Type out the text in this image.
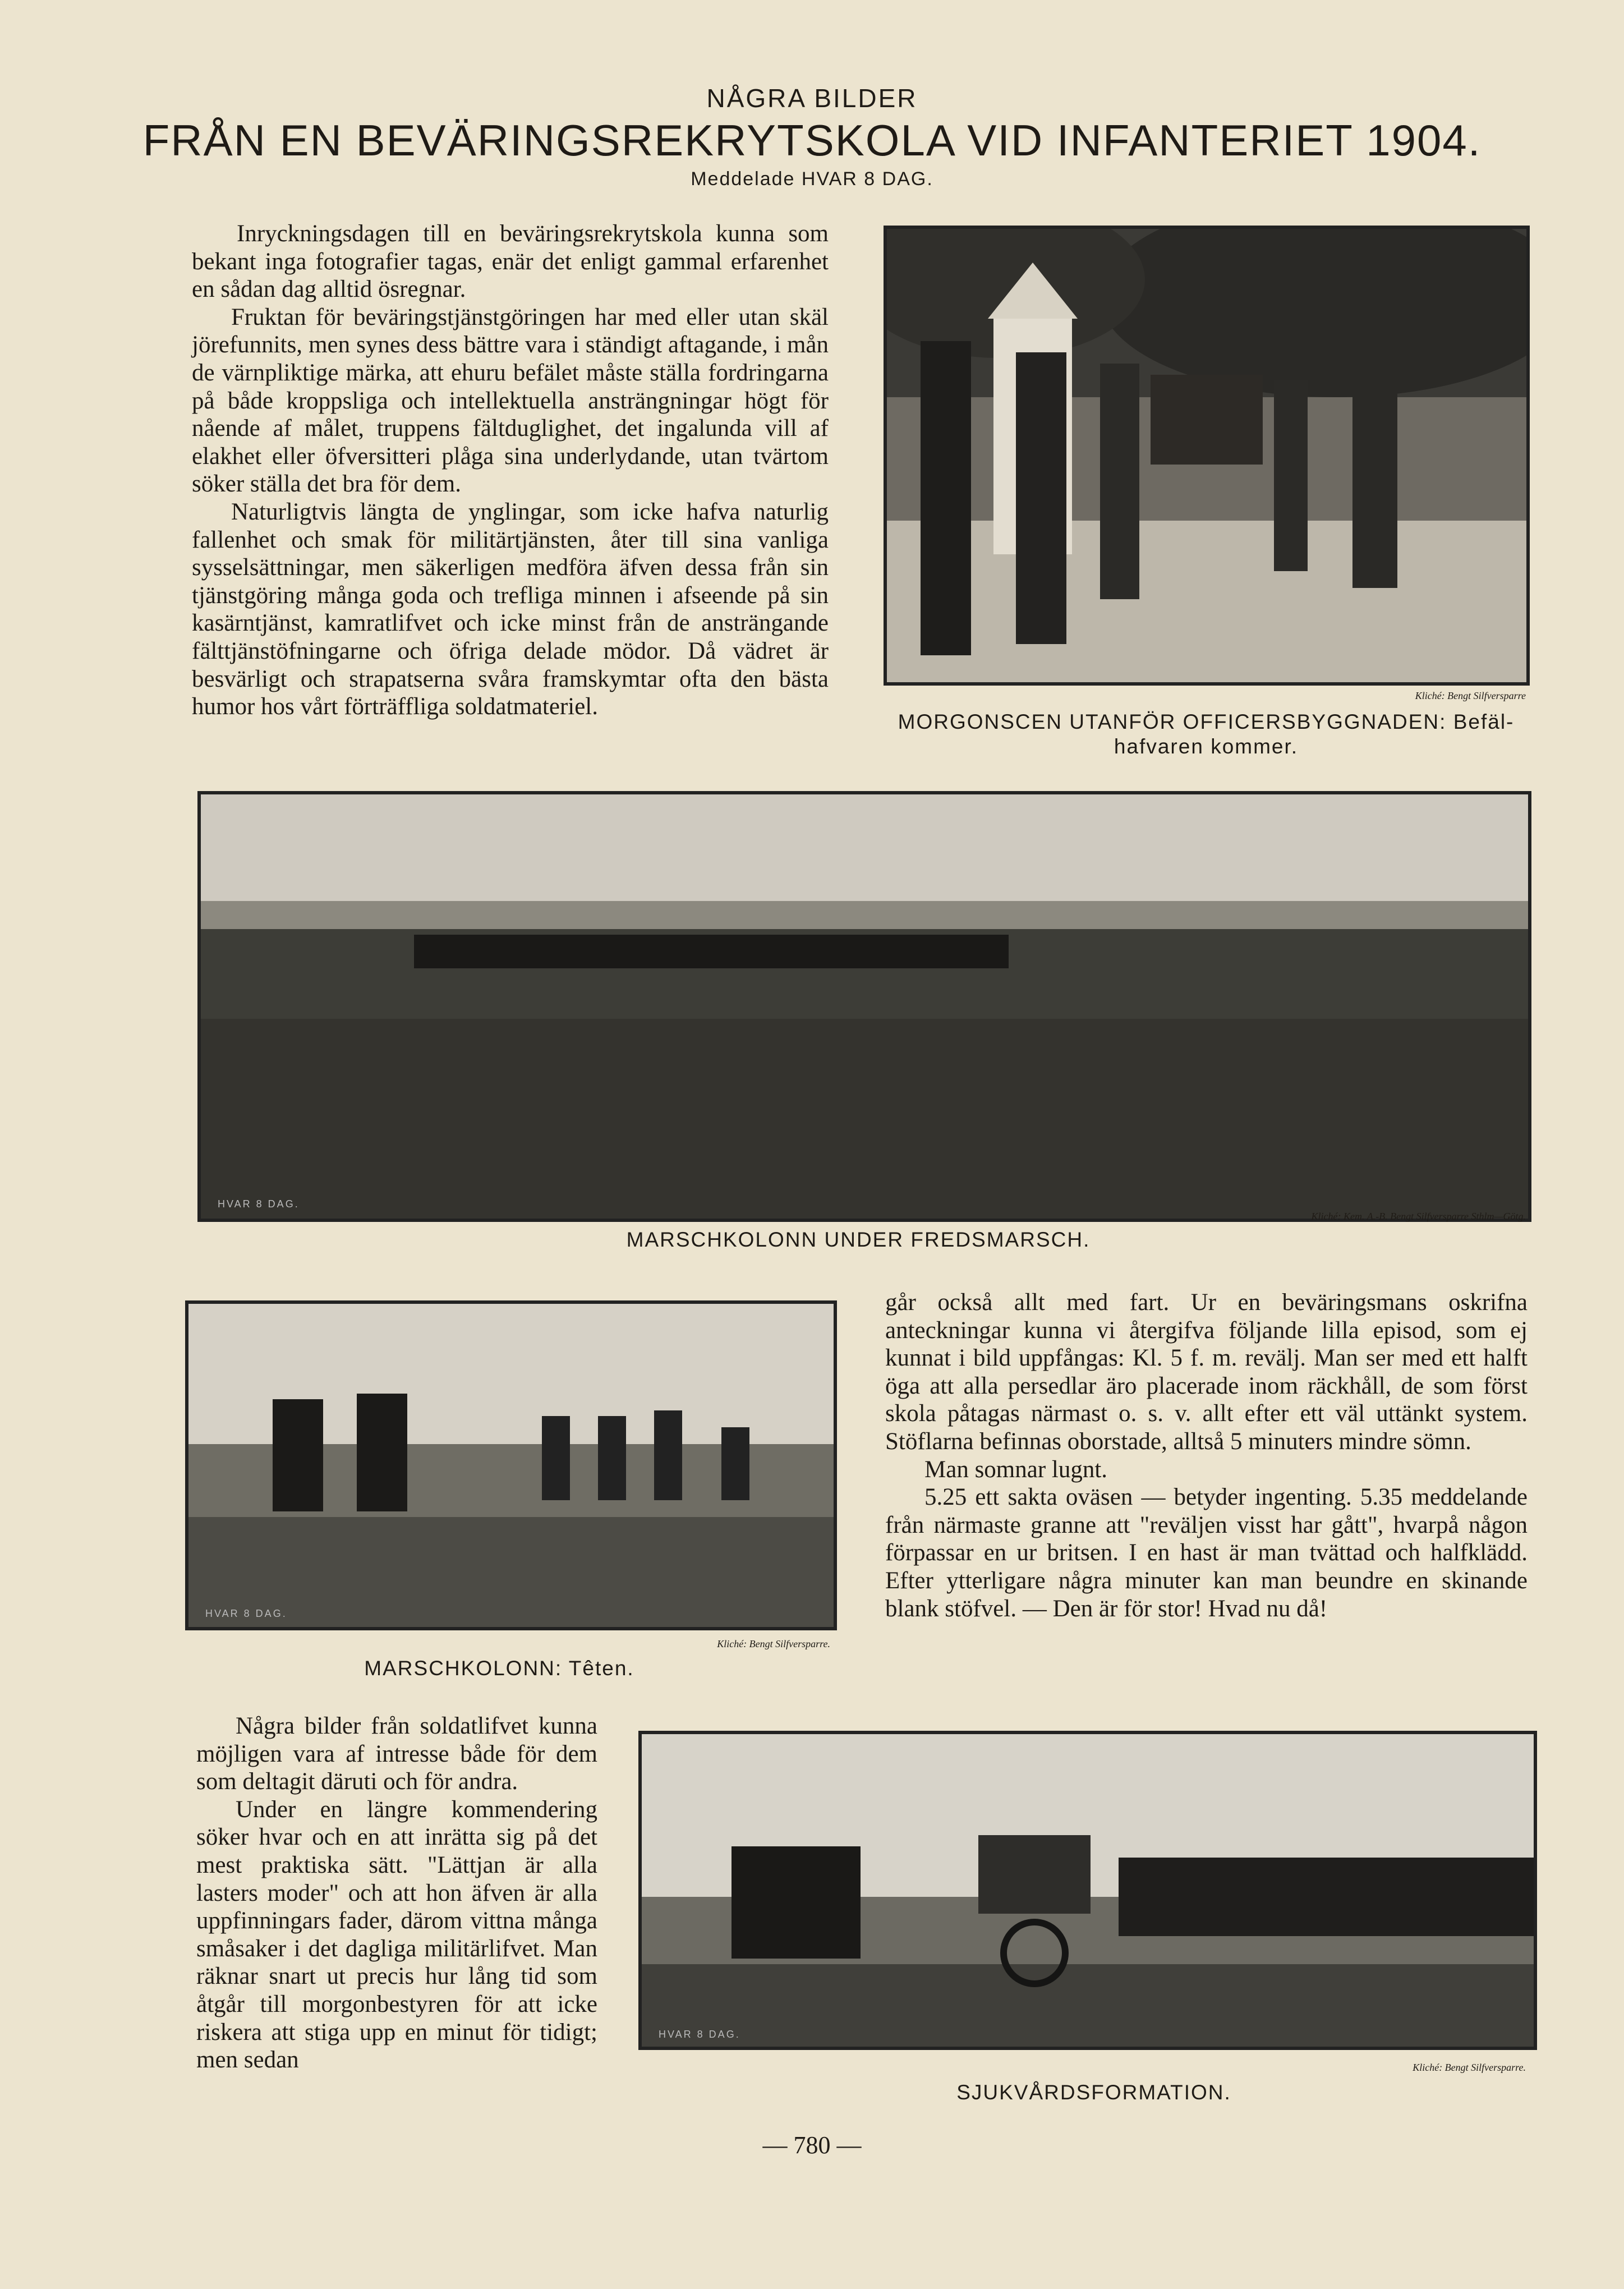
NÅGRA BILDER
FRÅN EN BEVÄRINGSREKRYTSKOLA VID INFANTERIET 1904.
Meddelade HVAR 8 DAG.

Inryckningsdagen till en beväringsrekrytskola kunna som bekant inga fotografier tagas, enär det enligt gammal erfarenhet en sådan dag alltid ösregnar.

Fruktan för beväringstjänstgöringen har med eller utan skäl jörefunnits, men synes dess bättre vara i ständigt aftagande, i mån de värnpliktige märka, att ehuru befälet måste ställa fordringarna på både kroppsliga och intellektuella ansträngningar högt för nående af målet, truppens fältduglighet, det ingalunda vill af elakhet eller öfversitteri plåga sina underlydande, utan tvärtom söker ställa det bra för dem.

Naturligtvis längta de ynglingar, som icke hafva naturlig fallenhet och smak för militärtjänsten, åter till sina vanliga sysselsättningar, men säkerligen medföra äfven dessa från sin tjänstgöring många goda och trefliga minnen i afseende på sin kasärntjänst, kamratlifvet och icke minst från de ansträngande fälttjänstöfningarne och öfriga delade mödor. Då vädret är besvärligt och strapatserna svåra framskymtar ofta den bästa humor hos vårt förträffliga soldatmateriel.	Kliché: Bengt Silfversparre
MORGONSCEN UTANFÖR OFFICERSBYGGNADEN: Befäl-
hafvaren kommer.
HVAR 8 DAG.
Kliché: Kem. A.-B. Bengt Silfversparre Sthlm—Götg.
MARSCHKOLONN UNDER FREDSMARSCH.
HVAR 8 DAG.
Kliché: Bengt Silfversparre.
MARSCHKOLONN: Têten.

går också allt med fart. Ur en beväringsmans oskrifna anteckningar kunna vi återgifva följande lilla episod, som ej kunnat i bild uppfångas: Kl. 5 f. m. revälj. Man ser med ett halft öga att alla persedlar äro placerade inom räckhåll, de som först skola påtagas närmast o. s. v. allt efter ett väl uttänkt system. Stöflarna befinnas oborstade, alltså 5 minuters mindre sömn.

Man somnar lugnt.

5.25 ett sakta oväsen — betyder ingenting. 5.35 meddelande från närmaste granne att "reväljen visst har gått", hvarpå någon förpassar en ur britsen. I en hast är man tvättad och halfklädd. Efter ytterligare några minuter kan man beundre en skinande blank stöfvel. — Den är för stor! Hvad nu då!

Några bilder från soldatlifvet kunna möjligen vara af intresse både för dem som deltagit däruti och för andra.

Under en längre kommendering söker hvar och en att inrätta sig på det mest praktiska sätt. "Lättjan är alla lasters moder" och att hon äfven är alla uppfinningars fader, därom vittna många småsaker i det dagliga militärlifvet. Man räknar snart ut precis hur lång tid som åtgår till morgonbestyren för att icke riskera att stiga upp en minut för tidigt; men sedan

HVAR 8 DAG.
Kliché: Bengt Silfversparre.
SJUKVÅRDSFORMATION.
— 780 —
